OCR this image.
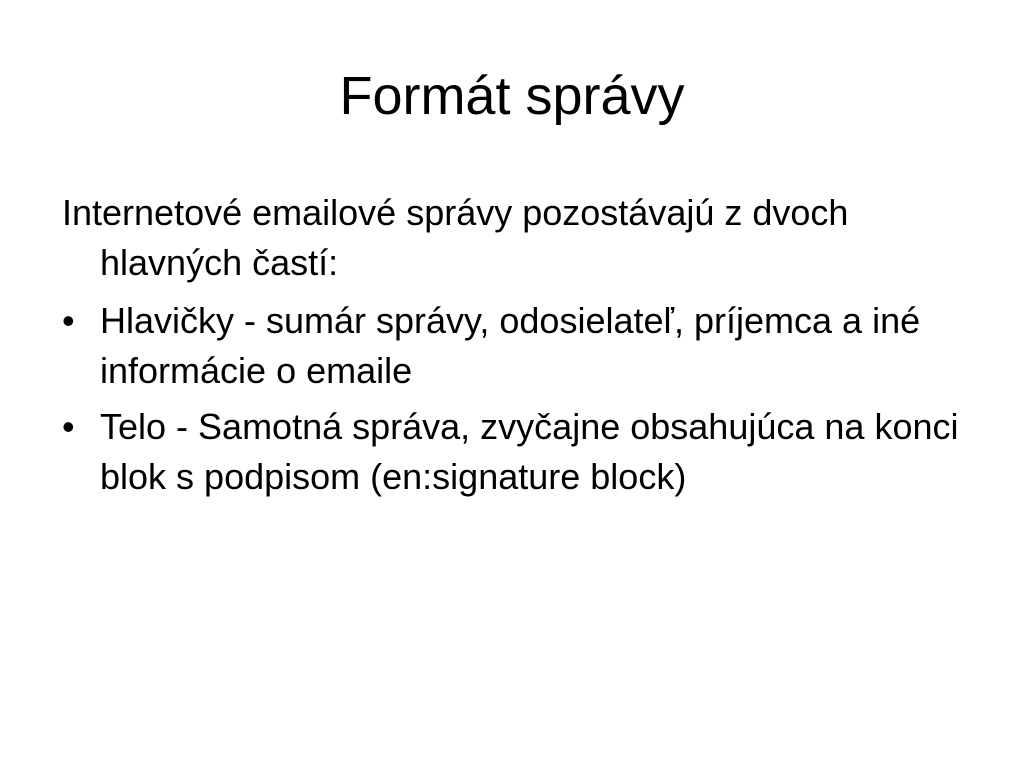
Formát správy

Internetové emailové správy pozostávajú z dvoch hlavných častí:

• Hlavičky - sumár správy, odosielateľ, príjemca a iné informácie o emaile
• Telo - Samotná správa, zvyčajne obsahujúca na konci blok s podpisom (en:signature block)
